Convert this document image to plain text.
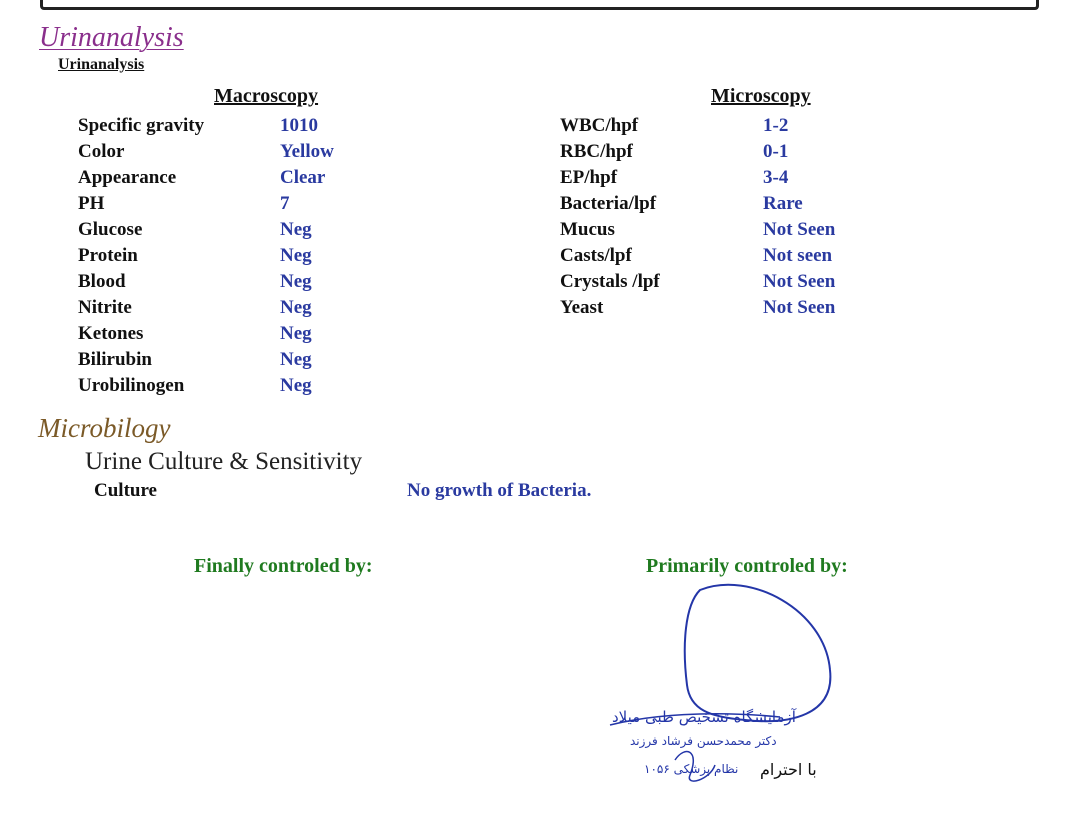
Urinanalysis
Urinanalysis
Macroscopy	Microscopy
Specific gravity	1010
Color	Yellow
Appearance	Clear
PH	7
Glucose	Neg
Protein	Neg
Blood	Neg
Nitrite	Neg
Ketones	Neg
Bilirubin	Neg
Urobilinogen	Neg
WBC/hpf	1-2
RBC/hpf	0-1
EP/hpf	3-4
Bacteria/lpf	Rare
Mucus	Not Seen
Casts/lpf	Not seen
Crystals /lpf	Not Seen
Yeast	Not Seen
Microbilogy
Urine Culture & Sensitivity
Culture	No growth of Bacteria.
Finally controled by:	Primarily controled by:
آزمایشگاه تشخیص طبی میلاد
دکتر محمدحسن فرشاد فرزند
نظام پزشکی ۱۰۵۶ با احترام
